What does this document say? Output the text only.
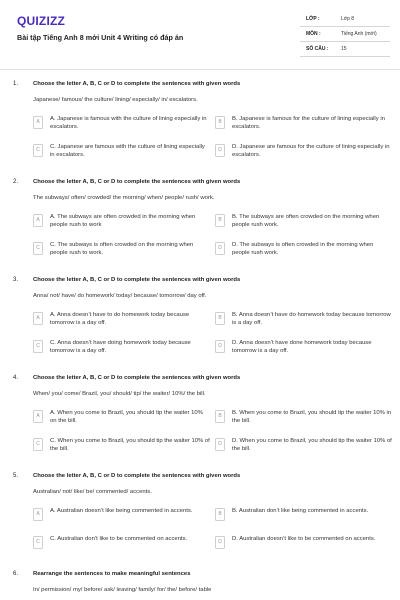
QUIZIZZ
Bài tập Tiếng Anh 8 mới Unit 4 Writing có đáp án
LỚP :	Lớp 8
MÔN :	Tiếng Anh (mới)
SỐ CÂU :	15
1.	Choose the letter A, B, C or D to complete the sentences with given words
Japanese/ famous/ the culture/ lining/ especially/ in/ escalators.
A	A. Japanese is famous with the culture of lining especially in escalators.
B	B. Japanese is famous for the culture of lining especially in escalators.
C	C. Japanese are famous with the culture of lining especially in escalators.
D	D. Japanese are famous for the culture of lining especially in escalators.
2.	Choose the letter A, B, C or D to complete the sentences with given words
The subways/ often/ crowded/ the morning/ when/ people/ rush/ work.
A	A. The subways are often crowded in the morning when people rush to work
B	B. The subways are often crowded on the morning when people rush work.
C	C. The subways is often crowded on the morning when people rush to work.
D	D. The subways is often crowded in the morning when people rush work.
3.	Choose the letter A, B, C or D to complete the sentences with given words
Anna/ not/ have/ do homework/ today/ because/ tomorrow/ day off.
A	A. Anna doesn’t have to do homework today because tomorrow is a day off.
B	B. Anna doesn’t have do homework today because tomorrow is a day off.
C	C. Anna doesn’t have doing homework today because tomorrow is a day off.
D	D. Anna doesn’t have done homework today because tomorrow is a day off.
4.	Choose the letter A, B, C or D to complete the sentences with given words
When/ you/ come/ Brazil, you/ should/ tip/ the waiter/ 10%/ the bill.
A	A. When you come to Brazil, you should tip the waiter 10% on the bill.
B	B. When you come to Brazil, you should tip the waiter 10% in the bill.
C	C. When you come to Brazil, you should tip the waiter 10% of the bill.
D	D. When you come to Brazil, you should tip the waiter 10% of the bill.
5.	Choose the letter A, B, C or D to complete the sentences with given words
Australian/ not/ like/ be/ commented/ accents.
A	A. Australian doesn’t like being commented in accents.	B	B. Australian don’t like being commented in accents.
C	C. Australian don’t like to be commented on accents.	D	D. Australian doesn’t like to be commented on accents.
6.	Rearrange the sentences to make meaningful sentences
In/ permission/ my/ before/ ask/ leaving/ family/ for/ the/ before/ table
